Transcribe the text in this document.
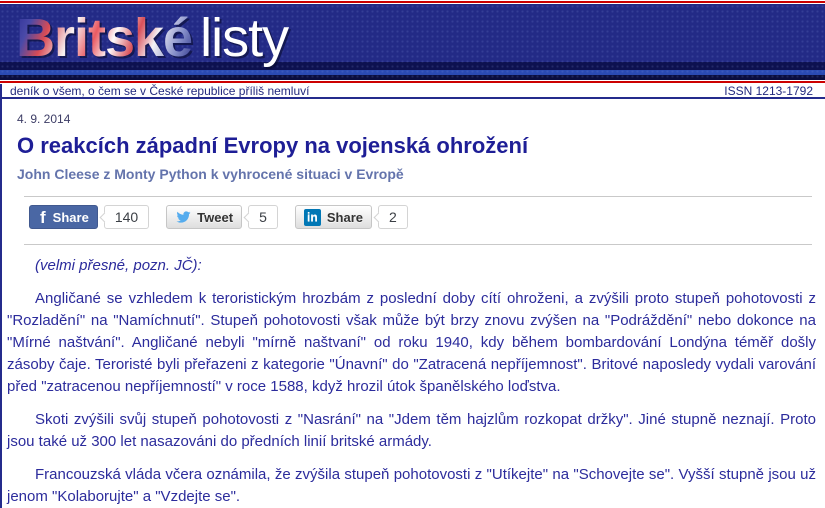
Britské listy
deník o všem, o čem se v České republice příliš nemluví	ISSN 1213-1792
4. 9. 2014
O reakcích západní Evropy na vojenská ohrožení
John Cleese z Monty Python k vyhrocené situaci v Evropě
f Share	140	Tweet	5	in Share	2

(velmi přesné, pozn. JČ):

Angličané se vzhledem k teroristickým hrozbám z poslední doby cítí ohroženi, a zvýšili proto stupeň pohotovosti z "Rozladění" na "Namíchnutí". Stupeň pohotovosti však může být brzy znovu zvýšen na "Podráždění" nebo dokonce na "Mírné naštvání". Angličané nebyli "mírně naštvaní" od roku 1940, kdy během bombardování Londýna téměř došly zásoby čaje. Teroristé byli přeřazeni z kategorie "Únavní" do "Zatracená nepříjemnost". Britové naposledy vydali varování před "zatracenou nepříjemností" v roce 1588, když hrozil útok španělského loďstva.

Skoti zvýšili svůj stupeň pohotovosti z "Nasrání" na "Jdem těm hajzlům rozkopat držky". Jiné stupně neznají. Proto jsou také už 300 let nasazováni do předních linií britské armády.

Francouzská vláda včera oznámila, že zvýšila stupeň pohotovosti z "Utíkejte" na "Schovejte se". Vyšší stupně jsou už jenom "Kolaborujte" a "Vzdejte se".
